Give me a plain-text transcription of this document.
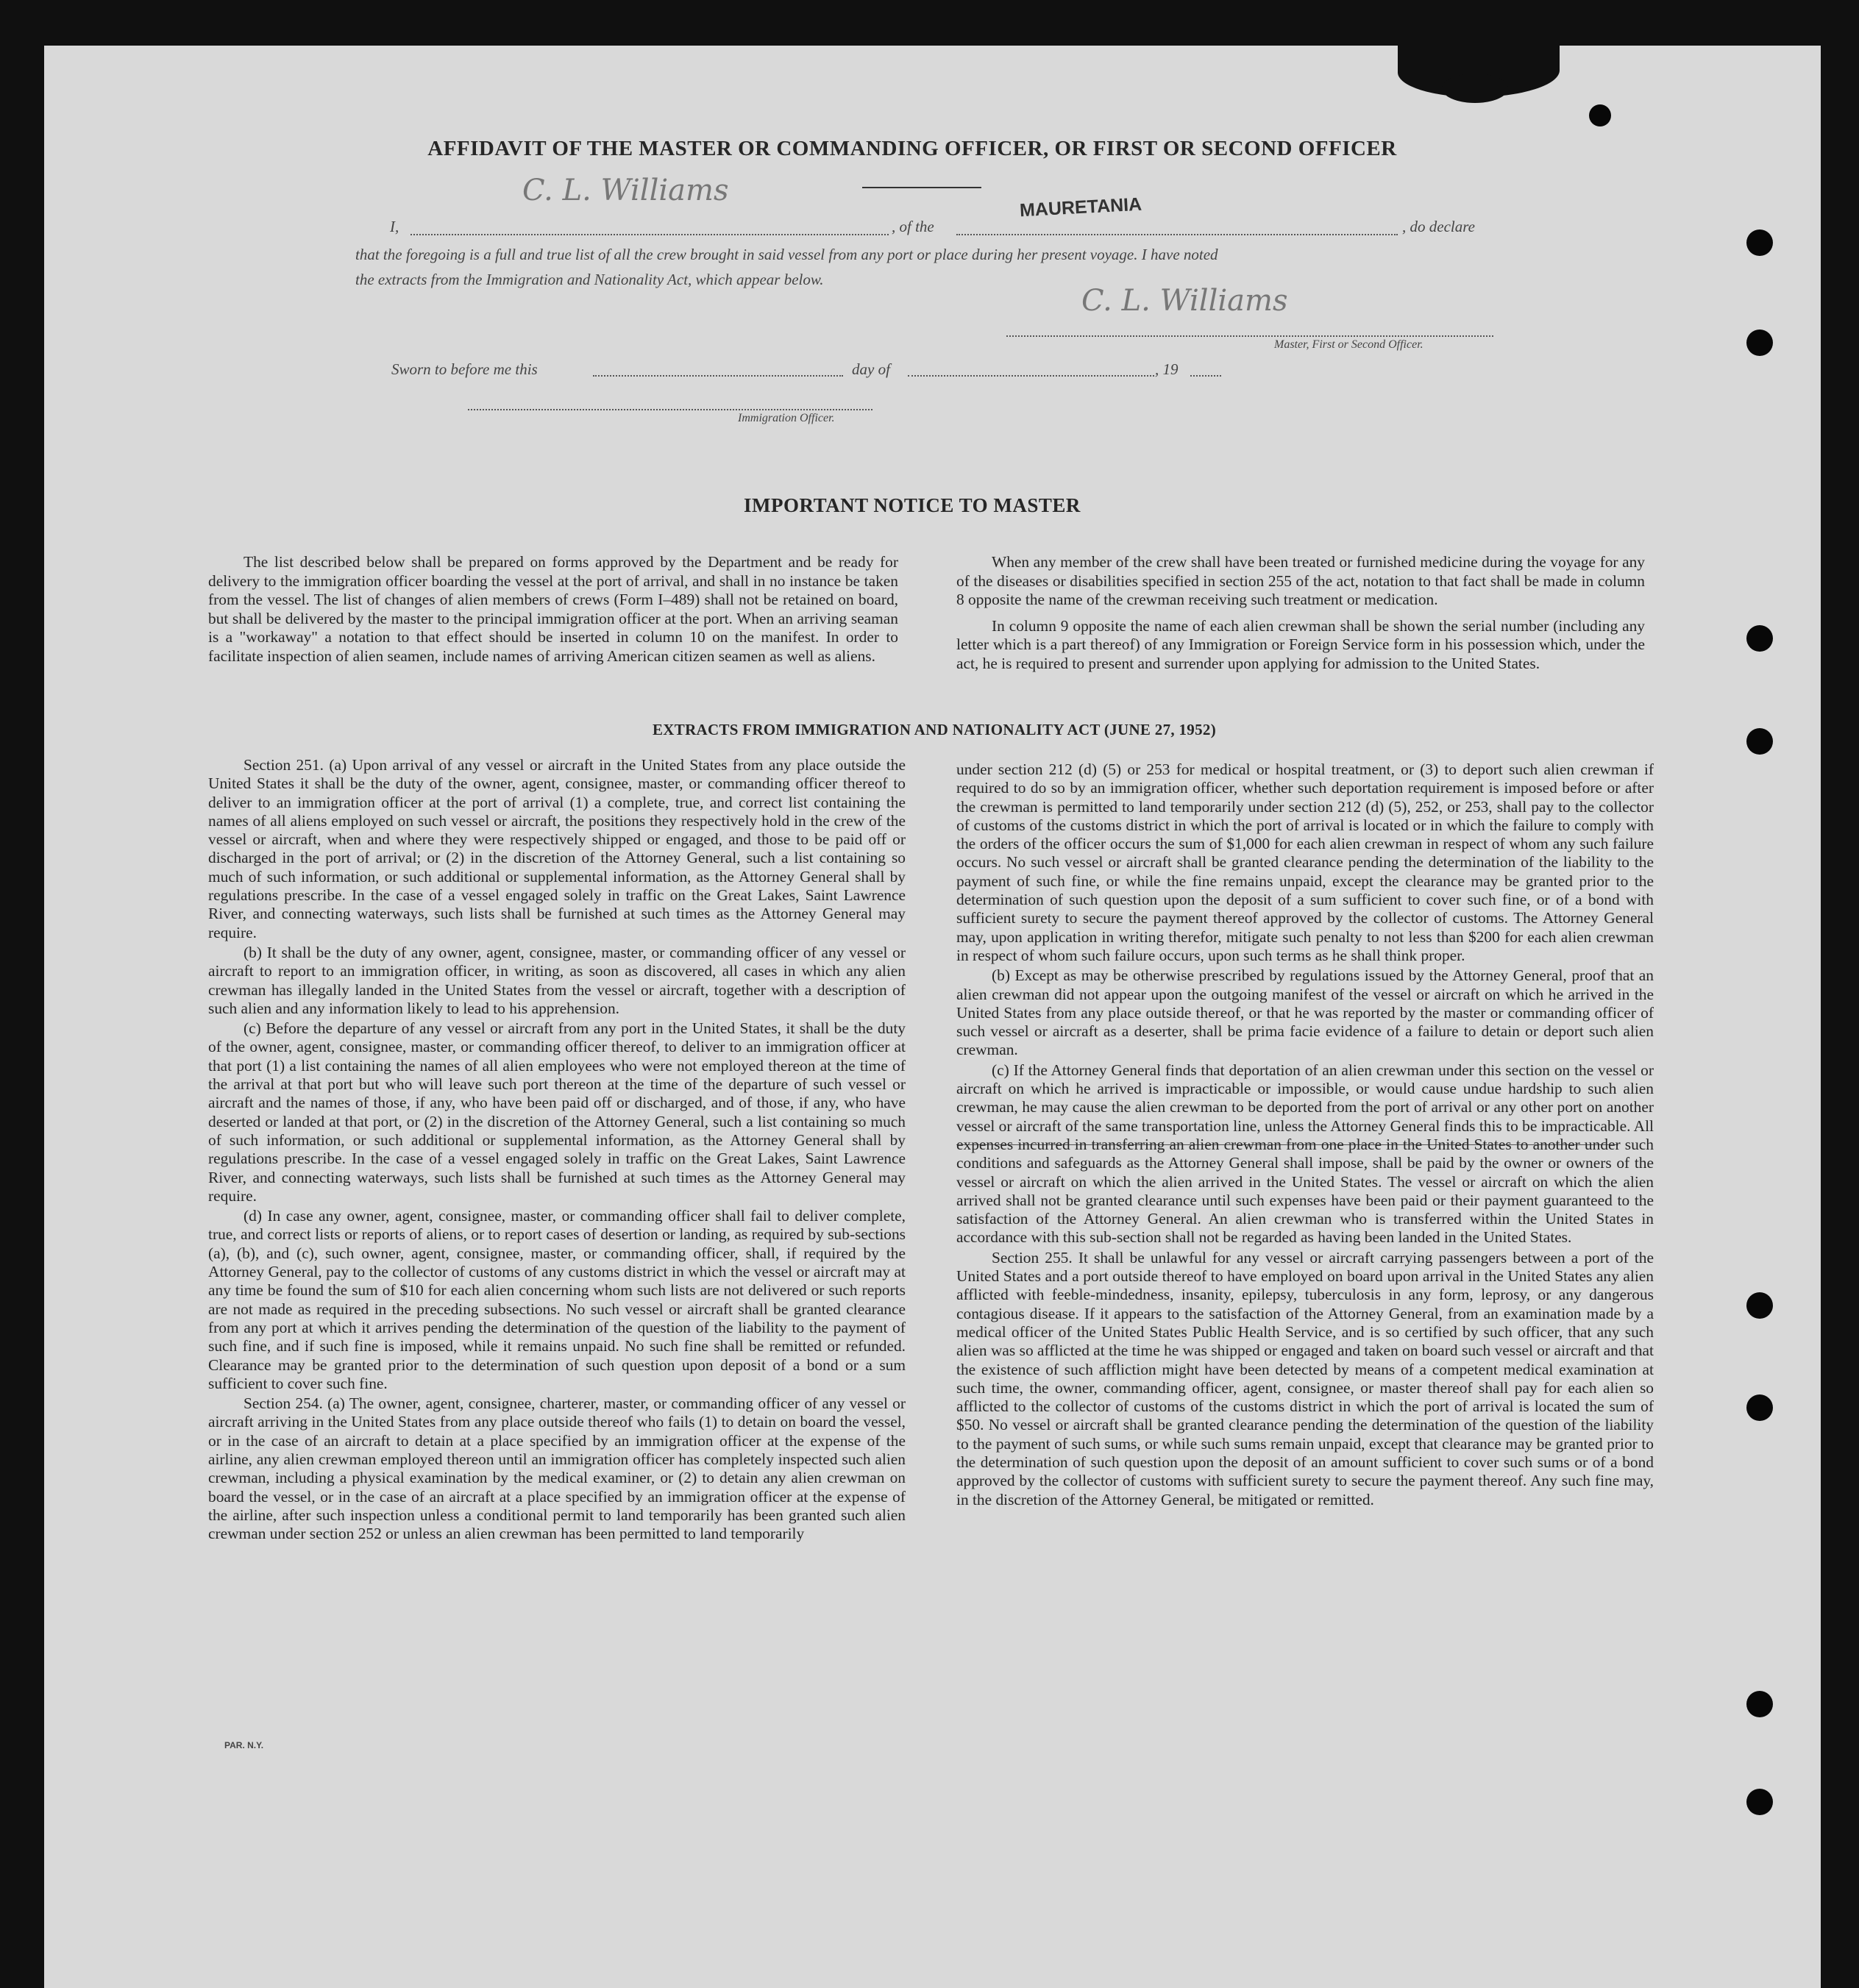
AFFIDAVIT OF THE MASTER OR COMMANDING OFFICER, OR FIRST OR SECOND OFFICER
I,
C. L. Williams
, of the
MAURETANIA
, do declare
that the foregoing is a full and true list of all the crew brought in said vessel from any port or place during her present voyage. I have noted
the extracts from the Immigration and Nationality Act, which appear below.
C. L. Williams
Master, First or Second Officer.
Sworn to before me this	day of	, 19
Immigration Officer.
IMPORTANT NOTICE TO MASTER

The list described below shall be prepared on forms approved by the Department and be ready for delivery to the immigration officer boarding the vessel at the port of arrival, and shall in no instance be taken from the vessel. The list of changes of alien members of crews (Form I–489) shall not be retained on board, but shall be delivered by the master to the principal immigration officer at the port. When an arriving seaman is a "workaway" a notation to that effect should be inserted in column 10 on the manifest. In order to facilitate inspection of alien seamen, include names of arriving American citizen seamen as well as aliens.

When any member of the crew shall have been treated or furnished medicine during the voyage for any of the diseases or disabilities specified in section 255 of the act, notation to that fact shall be made in column 8 opposite the name of the crewman receiving such treatment or medication.

In column 9 opposite the name of each alien crewman shall be shown the serial number (including any letter which is a part thereof) of any Immigration or Foreign Service form in his possession which, under the act, he is required to present and surrender upon applying for admission to the United States.

EXTRACTS FROM IMMIGRATION AND NATIONALITY ACT (JUNE 27, 1952)

Section 251. (a) Upon arrival of any vessel or aircraft in the United States from any place outside the United States it shall be the duty of the owner, agent, consignee, master, or commanding officer thereof to deliver to an immigration officer at the port of arrival (1) a complete, true, and correct list containing the names of all aliens employed on such vessel or aircraft, the positions they respectively hold in the crew of the vessel or aircraft, when and where they were respectively shipped or engaged, and those to be paid off or discharged in the port of arrival; or (2) in the discretion of the Attorney General, such a list containing so much of such information, or such additional or supplemental information, as the Attorney General shall by regulations prescribe. In the case of a vessel engaged solely in traffic on the Great Lakes, Saint Lawrence River, and connecting waterways, such lists shall be furnished at such times as the Attorney General may require.

(b) It shall be the duty of any owner, agent, consignee, master, or commanding officer of any vessel or aircraft to report to an immigration officer, in writing, as soon as discovered, all cases in which any alien crewman has illegally landed in the United States from the vessel or aircraft, together with a description of such alien and any information likely to lead to his apprehension.

(c) Before the departure of any vessel or aircraft from any port in the United States, it shall be the duty of the owner, agent, consignee, master, or commanding officer thereof, to deliver to an immigration officer at that port (1) a list containing the names of all alien employees who were not employed thereon at the time of the arrival at that port but who will leave such port thereon at the time of the departure of such vessel or aircraft and the names of those, if any, who have been paid off or discharged, and of those, if any, who have deserted or landed at that port, or (2) in the discretion of the Attorney General, such a list containing so much of such information, or such additional or supplemental information, as the Attorney General shall by regulations prescribe. In the case of a vessel engaged solely in traffic on the Great Lakes, Saint Lawrence River, and connecting waterways, such lists shall be furnished at such times as the Attorney General may require.

(d) In case any owner, agent, consignee, master, or commanding officer shall fail to deliver complete, true, and correct lists or reports of aliens, or to report cases of desertion or landing, as required by sub-sections (a), (b), and (c), such owner, agent, consignee, master, or commanding officer, shall, if required by the Attorney General, pay to the collector of customs of any customs district in which the vessel or aircraft may at any time be found the sum of $10 for each alien concerning whom such lists are not delivered or such reports are not made as required in the preceding subsections. No such vessel or aircraft shall be granted clearance from any port at which it arrives pending the determination of the question of the liability to the payment of such fine, and if such fine is imposed, while it remains unpaid. No such fine shall be remitted or refunded. Clearance may be granted prior to the determination of such question upon deposit of a bond or a sum sufficient to cover such fine.

Section 254. (a) The owner, agent, consignee, charterer, master, or commanding officer of any vessel or aircraft arriving in the United States from any place outside thereof who fails (1) to detain on board the vessel, or in the case of an aircraft to detain at a place specified by an immigration officer at the expense of the airline, any alien crewman employed thereon until an immigration officer has completely inspected such alien crewman, including a physical examination by the medical examiner, or (2) to detain any alien crewman on board the vessel, or in the case of an aircraft at a place specified by an immigration officer at the expense of the airline, after such inspection unless a conditional permit to land temporarily has been granted such alien crewman under section 252 or unless an alien crewman has been permitted to land temporarily

under section 212 (d) (5) or 253 for medical or hospital treatment, or (3) to deport such alien crewman if required to do so by an immigration officer, whether such deportation requirement is imposed before or after the crewman is permitted to land temporarily under section 212 (d) (5), 252, or 253, shall pay to the collector of customs of the customs district in which the port of arrival is located or in which the failure to comply with the orders of the officer occurs the sum of $1,000 for each alien crewman in respect of whom any such failure occurs. No such vessel or aircraft shall be granted clearance pending the determination of the liability to the payment of such fine, or while the fine remains unpaid, except the clearance may be granted prior to the determination of such question upon the deposit of a sum sufficient to cover such fine, or of a bond with sufficient surety to secure the payment thereof approved by the collector of customs. The Attorney General may, upon application in writing therefor, mitigate such penalty to not less than $200 for each alien crewman in respect of whom such failure occurs, upon such terms as he shall think proper.

(b) Except as may be otherwise prescribed by regulations issued by the Attorney General, proof that an alien crewman did not appear upon the outgoing manifest of the vessel or aircraft on which he arrived in the United States from any place outside thereof, or that he was reported by the master or commanding officer of such vessel or aircraft as a deserter, shall be prima facie evidence of a failure to detain or deport such alien crewman.

(c) If the Attorney General finds that deportation of an alien crewman under this section on the vessel or aircraft on which he arrived is impracticable or impossible, or would cause undue hardship to such alien crewman, he may cause the alien crewman to be deported from the port of arrival or any other port on another vessel or aircraft of the same transportation line, unless the Attorney General finds this to be impracticable. All expenses incurred in transferring an alien crewman from one place in the United States to another under such conditions and safeguards as the Attorney General shall impose, shall be paid by the owner or owners of the vessel or aircraft on which the alien arrived in the United States. The vessel or aircraft on which the alien arrived shall not be granted clearance until such expenses have been paid or their payment guaranteed to the satisfaction of the Attorney General. An alien crewman who is transferred within the United States in accordance with this sub-section shall not be regarded as having been landed in the United States.

Section 255. It shall be unlawful for any vessel or aircraft carrying passengers between a port of the United States and a port outside thereof to have employed on board upon arrival in the United States any alien afflicted with feeble-mindedness, insanity, epilepsy, tuberculosis in any form, leprosy, or any dangerous contagious disease. If it appears to the satisfaction of the Attorney General, from an examination made by a medical officer of the United States Public Health Service, and is so certified by such officer, that any such alien was so afflicted at the time he was shipped or engaged and taken on board such vessel or aircraft and that the existence of such affliction might have been detected by means of a competent medical examination at such time, the owner, commanding officer, agent, consignee, or master thereof shall pay for each alien so afflicted to the collector of customs of the customs district in which the port of arrival is located the sum of $50. No vessel or aircraft shall be granted clearance pending the determination of the question of the liability to the payment of such sums, or while such sums remain unpaid, except that clearance may be granted prior to the determination of such question upon the deposit of an amount sufficient to cover such sums or of a bond approved by the collector of customs with sufficient surety to secure the payment thereof. Any such fine may, in the discretion of the Attorney General, be mitigated or remitted.

PAR. N.Y.
